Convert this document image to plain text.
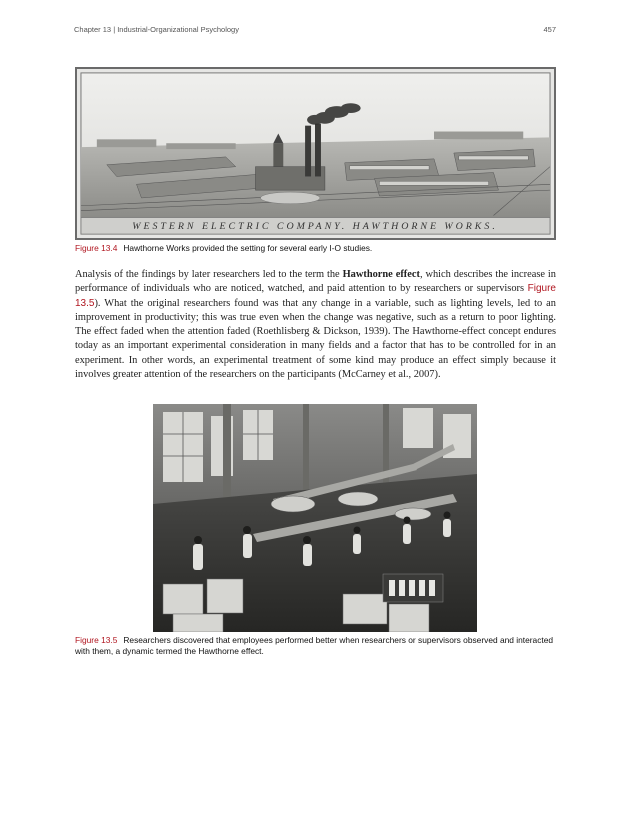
Chapter 13 | Industrial-Organizational Psychology	457
WESTERN ELECTRIC COMPANY. HAWTHORNE WORKS.
Figure 13.4 Hawthorne Works provided the setting for several early I-O studies.

Analysis of the findings by later researchers led to the term the Hawthorne effect, which describes the increase in performance of individuals who are noticed, watched, and paid attention to by researchers or supervisors Figure 13.5). What the original researchers found was that any change in a variable, such as lighting levels, led to an improvement in productivity; this was true even when the change was negative, such as a return to poor lighting. The effect faded when the attention faded (Roethlisberg & Dickson, 1939). The Hawthorne-effect concept endures today as an important experimental consideration in many fields and a factor that has to be controlled for in an experiment. In other words, an experimental treatment of some kind may produce an effect simply because it involves greater attention of the researchers on the participants (McCarney et al., 2007).

Figure 13.5 Researchers discovered that employees performed better when researchers or supervisors observed and interacted with them, a dynamic termed the Hawthorne effect.
